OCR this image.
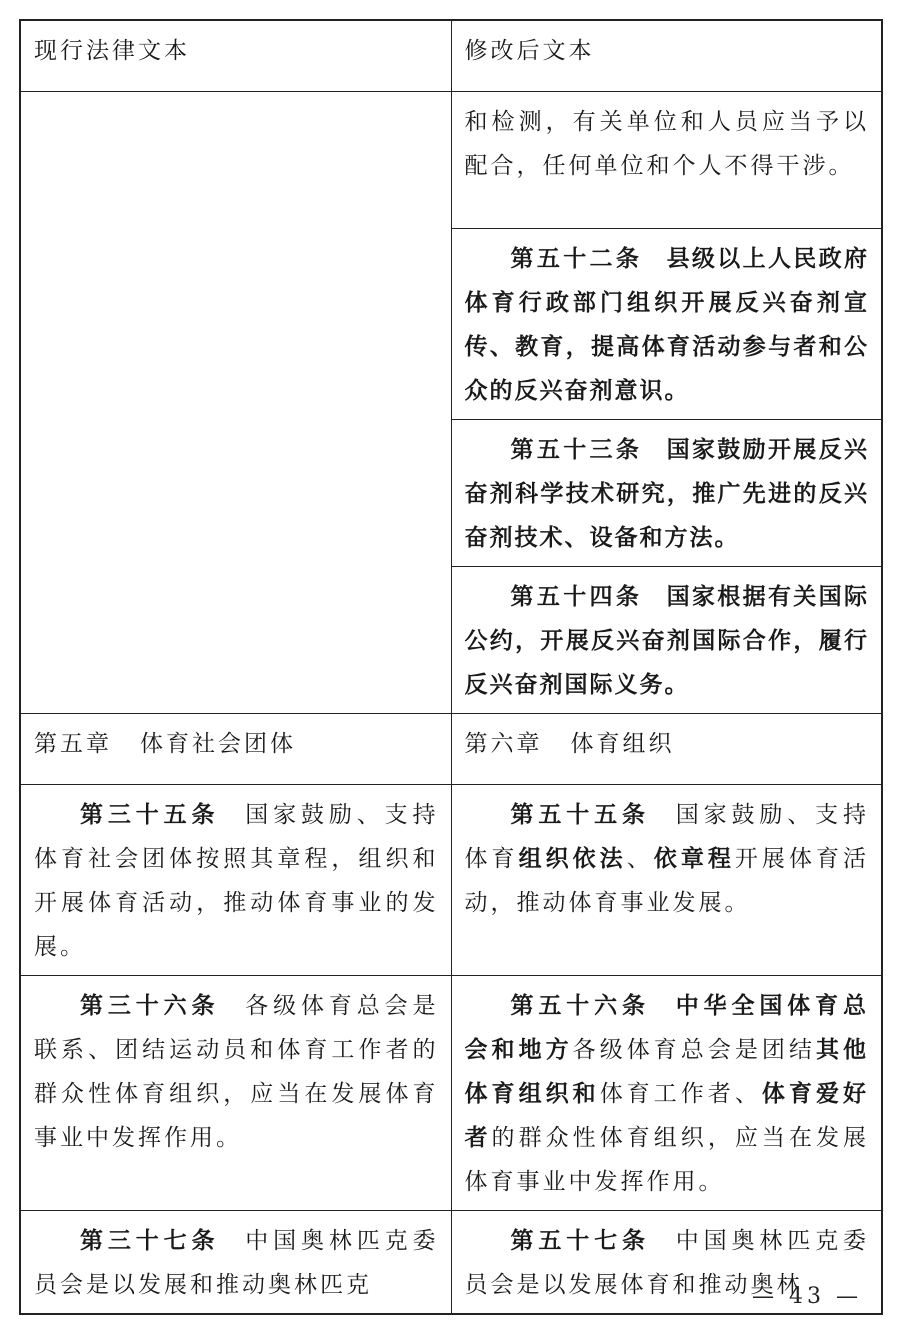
现行法律文本	修改后文本

	和检测，有关单位和人员应当予以配合，任何单位和个人不得干涉。

	第五十二条 县级以上人民政府体育行政部门组织开展反兴奋剂宣传、教育，提高体育活动参与者和公众的反兴奋剂意识。

	第五十三条 国家鼓励开展反兴奋剂科学技术研究，推广先进的反兴奋剂技术、设备和方法。

	第五十四条 国家根据有关国际公约，开展反兴奋剂国际合作，履行反兴奋剂国际义务。

第五章 体育社会团体	第六章 体育组织

第三十五条 国家鼓励、支持体育社会团体按照其章程，组织和开展体育活动，推动体育事业的发展。	第五十五条 国家鼓励、支持体育组织依法、依章程开展体育活动，推动体育事业发展。

第三十六条 各级体育总会是联系、团结运动员和体育工作者的群众性体育组织，应当在发展体育事业中发挥作用。	第五十六条 中华全国体育总会和地方各级体育总会是团结其他体育组织和体育工作者、体育爱好者的群众性体育组织，应当在发展体育事业中发挥作用。

第三十七条 中国奥林匹克委员会是以发展和推动奥林匹克	第五十七条 中国奥林匹克委员会是以发展体育和推动奥林

— 43 —
